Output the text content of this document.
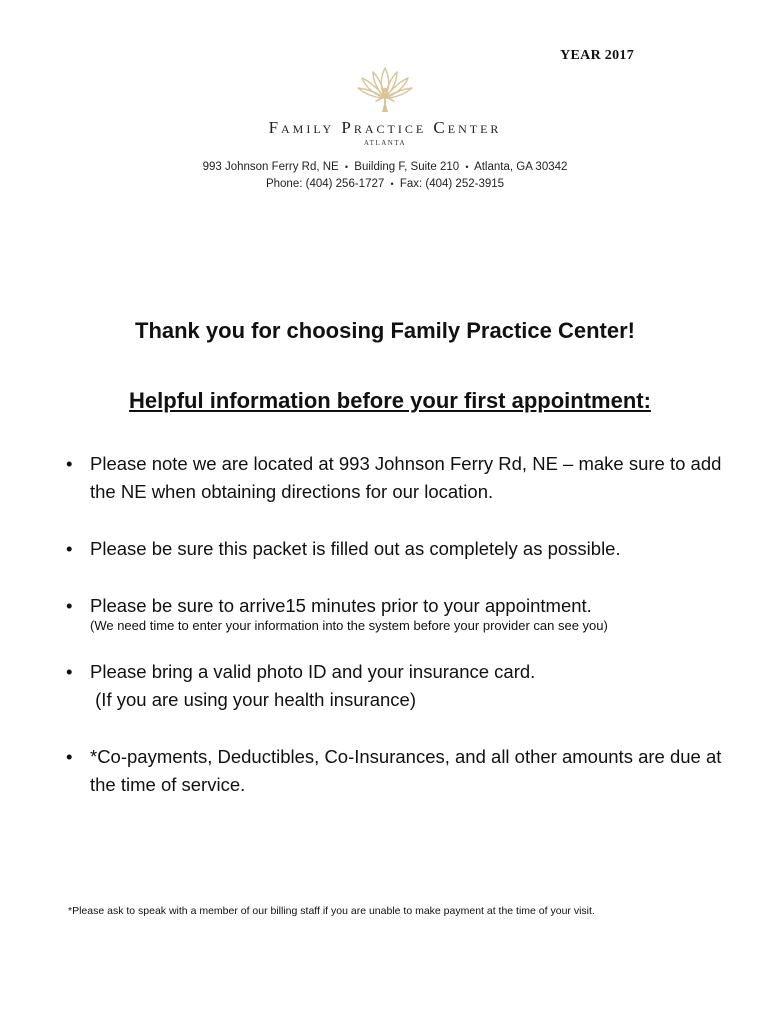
YEAR 2017
Family Practice Center
ATLANTA
993 Johnson Ferry Rd, NE • Building F, Suite 210 • Atlanta, GA 30342
Phone: (404) 256-1727 • Fax: (404) 252-3915
Thank you for choosing Family Practice Center!
Helpful information before your first appointment:
• Please note we are located at 993 Johnson Ferry Rd, NE – make sure to add the NE when obtaining directions for our location.
• Please be sure this packet is filled out as completely as possible.
• Please be sure to arrive15 minutes prior to your appointment.
(We need time to enter your information into the system before your provider can see you)
• Please bring a valid photo ID and your insurance card.
(If you are using your health insurance)
• *Co-payments, Deductibles, Co-Insurances, and all other amounts are due at the time of service.
*Please ask to speak with a member of our billing staff if you are unable to make payment at the time of your visit.
